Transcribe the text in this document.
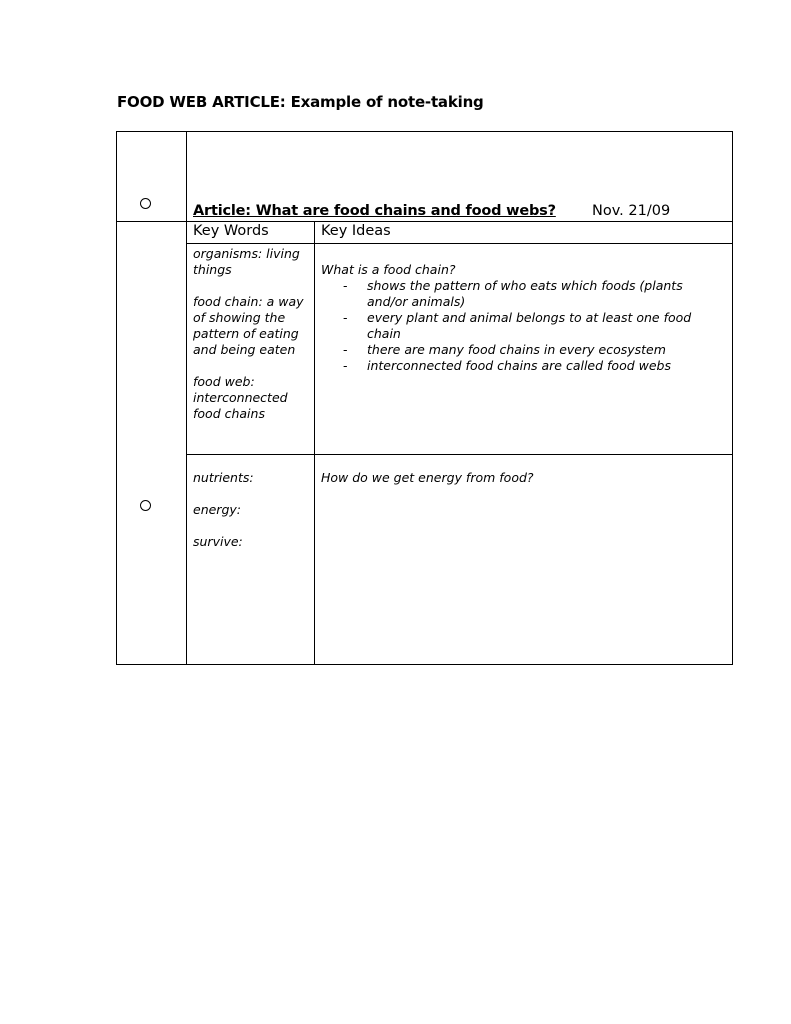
FOOD WEB ARTICLE: Example of note-taking
Article: What are food chains and food webs? Nov. 21/09
Key Words	Key Ideas

organisms: living things

food chain: a way of showing the pattern of eating and being eaten

food web: interconnected food chains

What is a food chain?
- shows the pattern of who eats which foods (plants and/or animals)
- every plant and animal belongs to at least one food chain
- there are many food chains in every ecosystem
- interconnected food chains are called food webs

nutrients:

energy:

survive:

How do we get energy from food?
